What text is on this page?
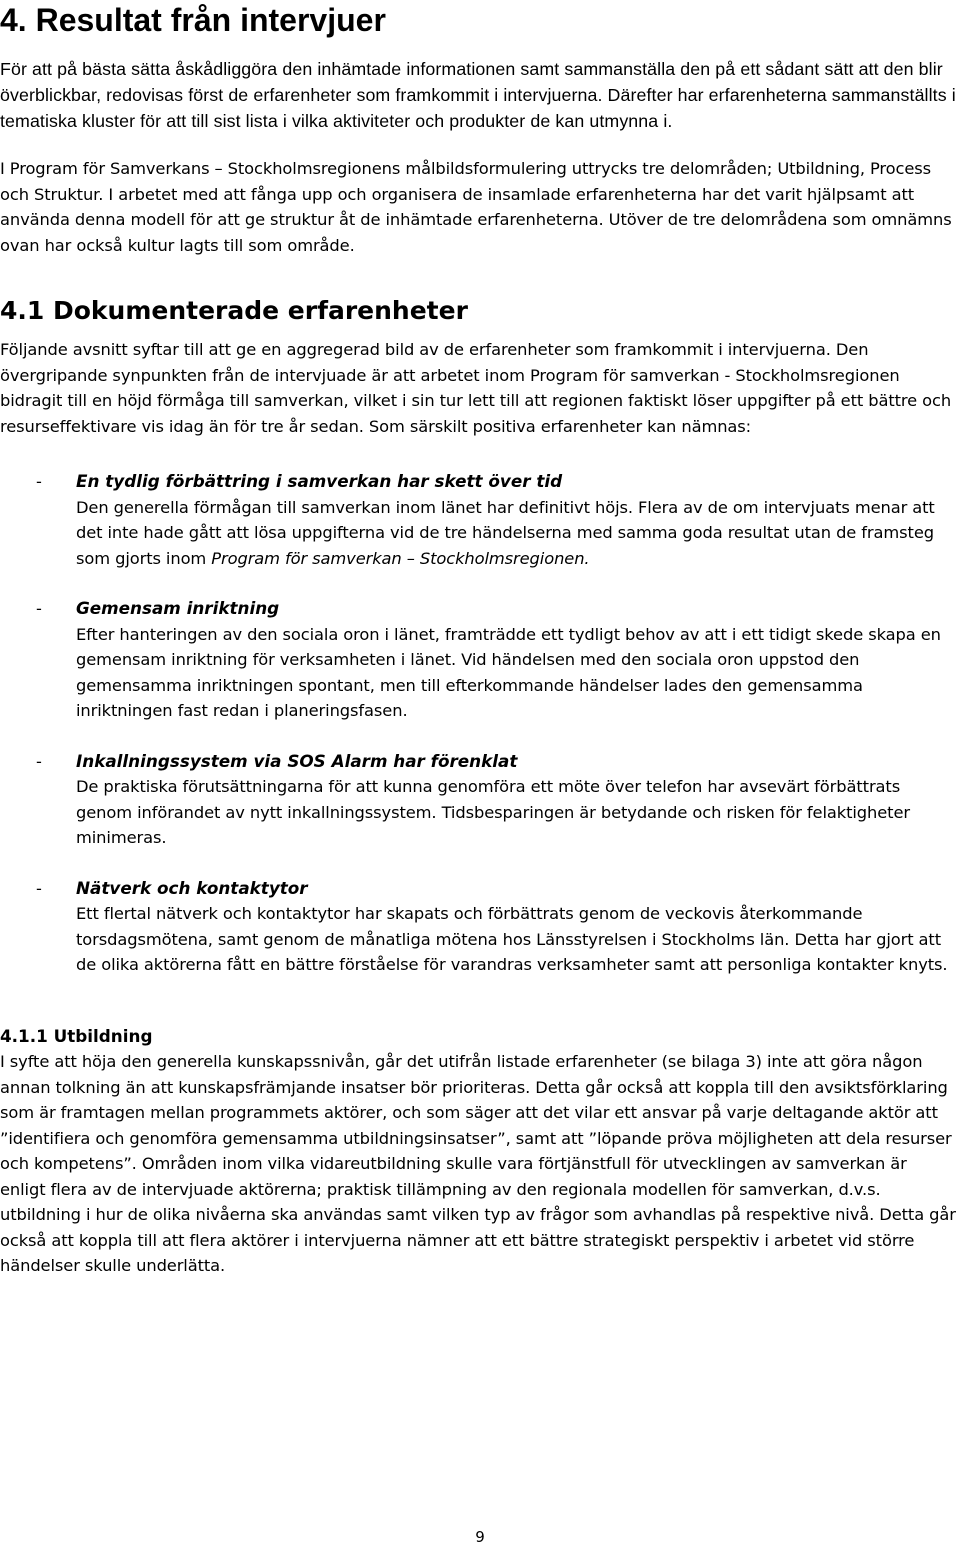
4. Resultat från intervjuer

För att på bästa sätta åskådliggöra den inhämtade informationen samt sammanställa den på ett sådant sätt att den blir överblickbar, redovisas först de erfarenheter som framkommit i intervjuerna. Därefter har erfarenheterna sammanställts i tematiska kluster för att till sist lista i vilka aktiviteter och produkter de kan utmynna i.

I Program för Samverkans – Stockholmsregionens målbildsformulering uttrycks tre delområden; Utbildning, Process och Struktur. I arbetet med att fånga upp och organisera de insamlade erfarenheterna har det varit hjälpsamt att använda denna modell för att ge struktur åt de inhämtade erfarenheterna. Utöver de tre delområdena som omnämns ovan har också kultur lagts till som område.

4.1 Dokumenterade erfarenheter

Följande avsnitt syftar till att ge en aggregerad bild av de erfarenheter som framkommit i intervjuerna. Den övergripande synpunkten från de intervjuade är att arbetet inom Program för samverkan - Stockholmsregionen bidragit till en höjd förmåga till samverkan, vilket i sin tur lett till att regionen faktiskt löser uppgifter på ett bättre och resurseffektivare vis idag än för tre år sedan. Som särskilt positiva erfarenheter kan nämnas:

- En tydlig förbättring i samverkan har skett över tid
Den generella förmågan till samverkan inom länet har definitivt höjs. Flera av de om intervjuats menar att det inte hade gått att lösa uppgifterna vid de tre händelserna med samma goda resultat utan de framsteg som gjorts inom Program för samverkan – Stockholmsregionen.
- Gemensam inriktning
Efter hanteringen av den sociala oron i länet, framträdde ett tydligt behov av att i ett tidigt skede skapa en gemensam inriktning för verksamheten i länet. Vid händelsen med den sociala oron uppstod den gemensamma inriktningen spontant, men till efterkommande händelser lades den gemensamma inriktningen fast redan i planeringsfasen.
- Inkallningssystem via SOS Alarm har förenklat
De praktiska förutsättningarna för att kunna genomföra ett möte över telefon har avsevärt förbättrats genom införandet av nytt inkallningssystem. Tidsbesparingen är betydande och risken för felaktigheter minimeras.
- Nätverk och kontaktytor
Ett flertal nätverk och kontaktytor har skapats och förbättrats genom de veckovis återkommande torsdagsmötena, samt genom de månatliga mötena hos Länsstyrelsen i Stockholms län. Detta har gjort att de olika aktörerna fått en bättre förståelse för varandras verksamheter samt att personliga kontakter knyts.
4.1.1 Utbildning

I syfte att höja den generella kunskapssnivån, går det utifrån listade erfarenheter (se bilaga 3) inte att göra någon annan tolkning än att kunskapsfrämjande insatser bör prioriteras. Detta går också att koppla till den avsiktsförklaring som är framtagen mellan programmets aktörer, och som säger att det vilar ett ansvar på varje deltagande aktör att ”identifiera och genomföra gemensamma utbildningsinsatser”, samt att ”löpande pröva möjligheten att dela resurser och kompetens”. Områden inom vilka vidareutbildning skulle vara förtjänstfull för utvecklingen av samverkan är enligt flera av de intervjuade aktörerna; praktisk tillämpning av den regionala modellen för samverkan, d.v.s. utbildning i hur de olika nivåerna ska användas samt vilken typ av frågor som avhandlas på respektive nivå. Detta går också att koppla till att flera aktörer i intervjuerna nämner att ett bättre strategiskt perspektiv i arbetet vid större händelser skulle underlätta.

9
